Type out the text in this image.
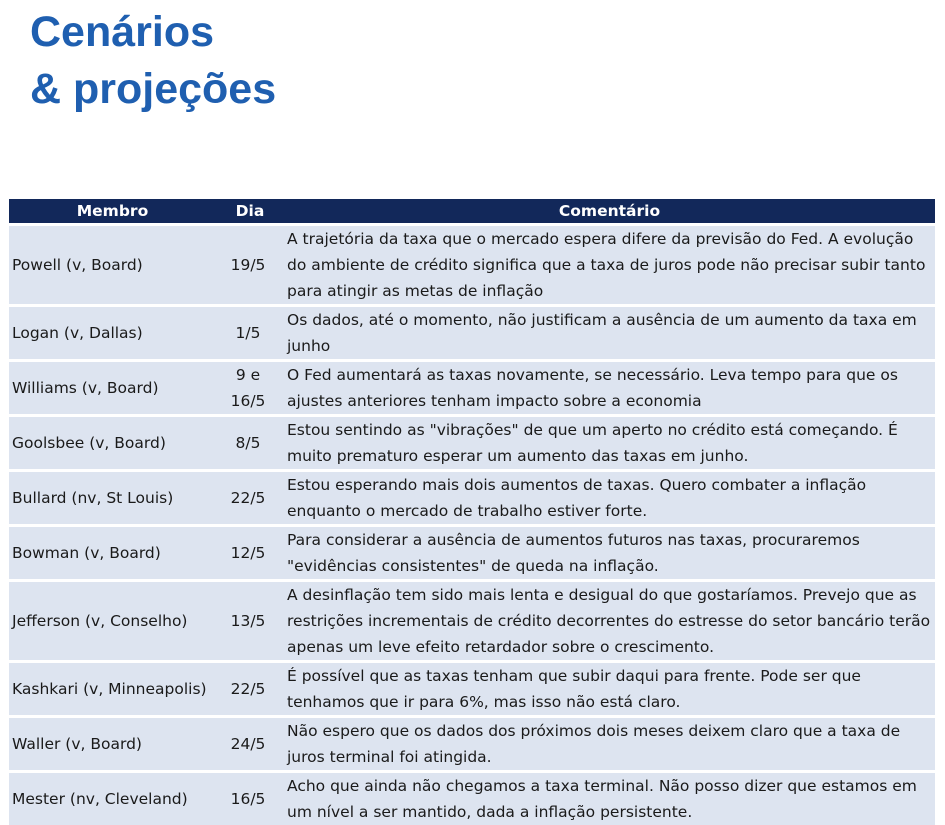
Cenários
& projeções
Membro	Dia	Comentário
Powell (v, Board)	19/5	A trajetória da taxa que o mercado espera difere da previsão do Fed. A evolução do ambiente de crédito significa que a taxa de juros pode não precisar subir tanto para atingir as metas de inflação
Logan (v, Dallas)	1/5	Os dados, até o momento, não justificam a ausência de um aumento da taxa em junho
Williams (v, Board)	9 e 16/5	O Fed aumentará as taxas novamente, se necessário. Leva tempo para que os ajustes anteriores tenham impacto sobre a economia
Goolsbee (v, Board)	8/5	Estou sentindo as "vibrações" de que um aperto no crédito está começando. É muito prematuro esperar um aumento das taxas em junho.
Bullard (nv, St Louis)	22/5	Estou esperando mais dois aumentos de taxas. Quero combater a inflação enquanto o mercado de trabalho estiver forte.
Bowman (v, Board)	12/5	Para considerar a ausência de aumentos futuros nas taxas, procuraremos "evidências consistentes" de queda na inflação.
Jefferson (v, Conselho)	13/5	A desinflação tem sido mais lenta e desigual do que gostaríamos. Prevejo que as restrições incrementais de crédito decorrentes do estresse do setor bancário terão apenas um leve efeito retardador sobre o crescimento.
Kashkari (v, Minneapolis)	22/5	É possível que as taxas tenham que subir daqui para frente. Pode ser que tenhamos que ir para 6%, mas isso não está claro.
Waller (v, Board)	24/5	Não espero que os dados dos próximos dois meses deixem claro que a taxa de juros terminal foi atingida.
Mester (nv, Cleveland)	16/5	Acho que ainda não chegamos a taxa terminal. Não posso dizer que estamos em um nível a ser mantido, dada a inflação persistente.
